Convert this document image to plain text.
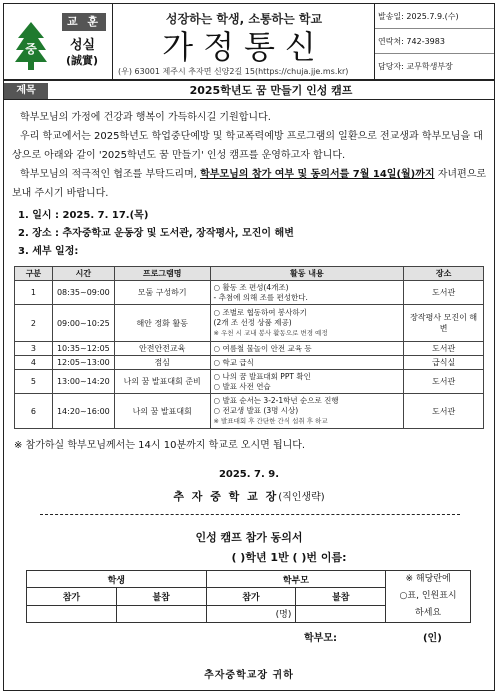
교 훈
중	성실
(誠實)
성장하는 학생, 소통하는 학교
가정통신
(우) 63001 제주시 추자면 신양2길 15(https://chuja.jje.ms.kr)
발송일: 2025.7.9.(수)
연락처: 742-3983
담당자: 교무학생부장
제목	2025학년도 꿈 만들기 인성 캠프

학부모님의 가정에 건강과 행복이 가득하시길 기원합니다.

우리 학교에서는 2025학년도 학업중단예방 및 학교폭력예방 프로그램의 일환으로 전교생과 학부모님을 대상으로 아래와 같이 '2025학년도 꿈 만들기' 인성 캠프를 운영하고자 합니다.

학부모님의 적극적인 협조를 부탁드리며, 학부모님의 참가 여부 및 동의서를 7월 14일(월)까지 자녀편으로 보내 주시기 바랍니다.

1. 일시 : 2025. 7. 17.(목)
2. 장소 : 추자중학교 운동장 및 도서관, 장작평사, 모진이 해변
3. 세부 일정:
구분	시간	프로그램명	활동 내용	장소
1	08:35~09:00	모둠 구성하기	○ 활동 조 편성(4개조)
- 추첨에 의해 조를 편성한다.	도서관
2	09:00~10:25	해안 정화 활동	○ 조별로 협동하여 봉사하기
(2개 조 선정 상품 제공)
※ 우천 시 교내 봉사 활동으로 변경 예정	장작평사 모진이 해변
3	10:35~12:05	안전안전교육	○ 여름철 물놀이 안전 교육 등	도서관
4	12:05~13:00	점심	○ 학교 급식	급식실
5	13:00~14:20	나의 꿈 발표대회 준비	○ 나의 꿈 발표대회 PPT 확인
○ 발표 사전 연습	도서관
6	14:20~16:00	나의 꿈 발표대회	○ 발표 순서는 3-2-1학년 순으로 진행
○ 전교생 발표 (3명 시상)
※ 발표대회 후 간단한 간식 섭취 후 하교	도서관
※ 참가하실 학부모님께서는 14시 10분까지 학교로 오시면 됩니다.
2025. 7. 9.
추 자 중 학 교 장(직인생략)
인성 캠프 참가 동의서
( )학년 1반 ( )번 이름:
학생		학부모		※ 해당란에
○표, 인원표시
하세요

참가	불참	참가	불참	
		(명)		
학부모:	(인)
추자중학교장 귀하
